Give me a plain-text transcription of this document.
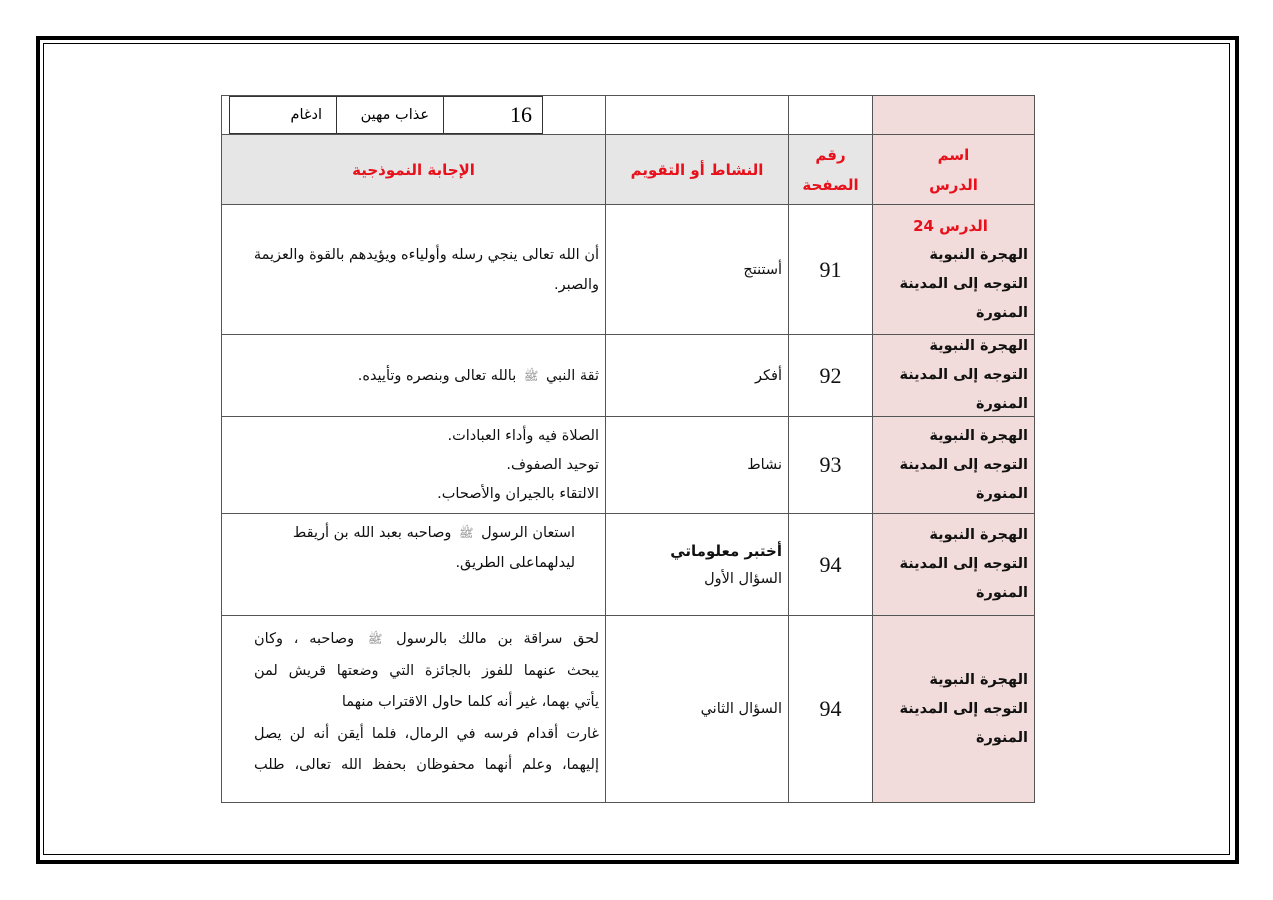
16
عذاب مهين
ادغام
اسم
الدرس
رقم
الصفحة
النشاط أو التقويم
الإجابة النموذجية
الدرس 24
الهجرة النبوية
التوجه إلى المدينة المنورة
91
أستنتج
أن الله تعالى ينجي رسله وأولياءه ويؤيدهم بالقوة والعزيمة
والصبر.
الهجرة النبوية
التوجه إلى المدينة المنورة
92
أفكر
ثقة النبي ﷺ بالله تعالى وبنصره وتأييده.
الهجرة النبوية
التوجه إلى المدينة المنورة
93
نشاط
الصلاة فيه وأداء العبادات.
توحيد الصفوف.
الالتقاء بالجيران والأصحاب.
الهجرة النبوية
التوجه إلى المدينة المنورة
94
أختبر معلوماتي
السؤال الأول
استعان الرسول ﷺ وصاحبه بعبد الله بن أريقط
ليدلهماعلى الطريق.
الهجرة النبوية
التوجه إلى المدينة المنورة
94
السؤال الثاني
لحق سراقة بن مالك بالرسول ﷺ وصاحبه ، وكان
يبحث عنهما للفوز بالجائزة التي وضعتها قريش لمن
يأتي بهما، غير أنه كلما حاول الاقتراب منهما
غارت أقدام فرسه في الرمال، فلما أيقن أنه لن يصل
إليهما، وعلم أنهما محفوظان بحفظ الله تعالى، طلب
